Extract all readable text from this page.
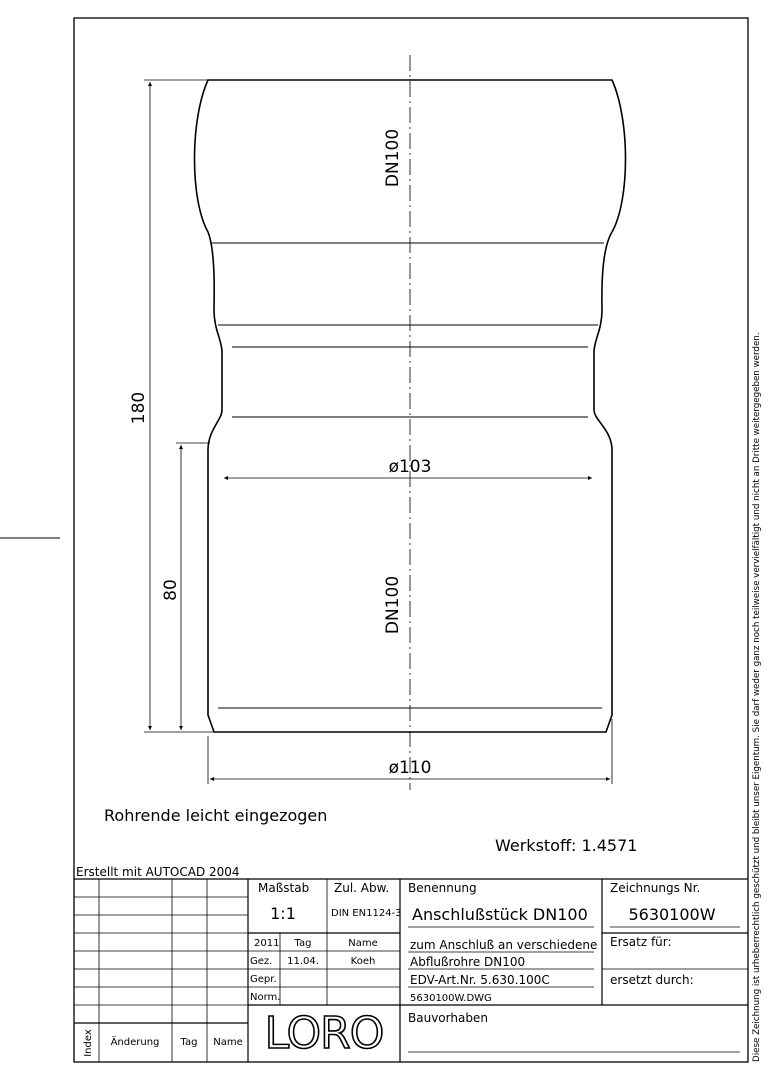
DN100
DN100
180
80
ø103
ø110
Rohrende leicht eingezogen
Werkstoff: 1.4571
Erstellt mit AUTOCAD 2004
Maßstab
1:1
Zul. Abw.
DIN EN1124-3
2011 Tag	Name
Gez. 11.04.	Koeh
Gepr.
Norm.
Benennung
Anschlußstück DN100
zum Anschluß an verschiedene
Abflußrohre DN100
EDV-Art.Nr. 5.630.100C
5630100W.DWG
Zeichnungs Nr.
5630100W
Ersatz für:
ersetzt durch:
Bauvorhaben
Index Änderung Tag Name LORO	Diese Zeichnung ist urheberrechtlich geschützt und bleibt unser Eigentum. Sie darf weder ganz noch teilweise vervielfältigt und nicht an Dritte weitergegeben werden.
